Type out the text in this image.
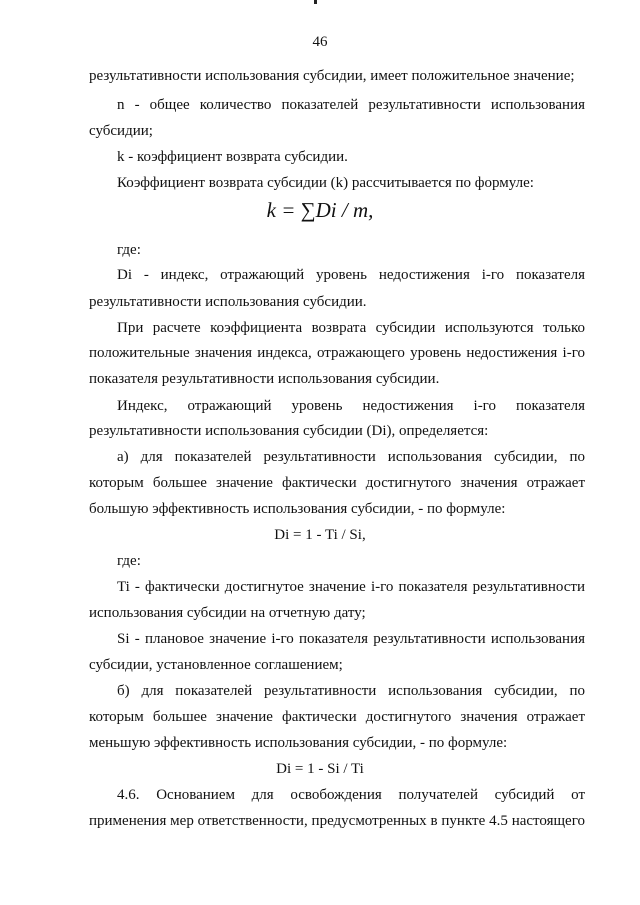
46
результативности использования субсидии, имеет положительное значение;
n - общее количество показателей результативности использования
субсидии;
k - коэффициент возврата субсидии.
Коэффициент возврата субсидии (k) рассчитывается по формуле:
k = ∑Di / m,
где:
Di - индекс, отражающий уровень недостижения i-го показателя
результативности использования субсидии.
При расчете коэффициента возврата субсидии используются только
положительные значения индекса, отражающего уровень недостижения i-го
показателя результативности использования субсидии.
Индекс, отражающий уровень недостижения i-го показателя
результативности использования субсидии (Di), определяется:
а) для показателей результативности использования субсидии, по
которым большее значение фактически достигнутого значения отражает
большую эффективность использования субсидии, - по формуле:
Di = 1 - Ti / Si,
где:
Ti - фактически достигнутое значение i-го показателя результативности
использования субсидии на отчетную дату;
Si - плановое значение i-го показателя результативности использования
субсидии, установленное соглашением;
б) для показателей результативности использования субсидии, по
которым большее значение фактически достигнутого значения отражает
меньшую эффективность использования субсидии, - по формуле:
Di = 1 - Si / Ti
4.6. Основанием для освобождения получателей субсидий от
применения мер ответственности, предусмотренных в пункте 4.5 настоящего
